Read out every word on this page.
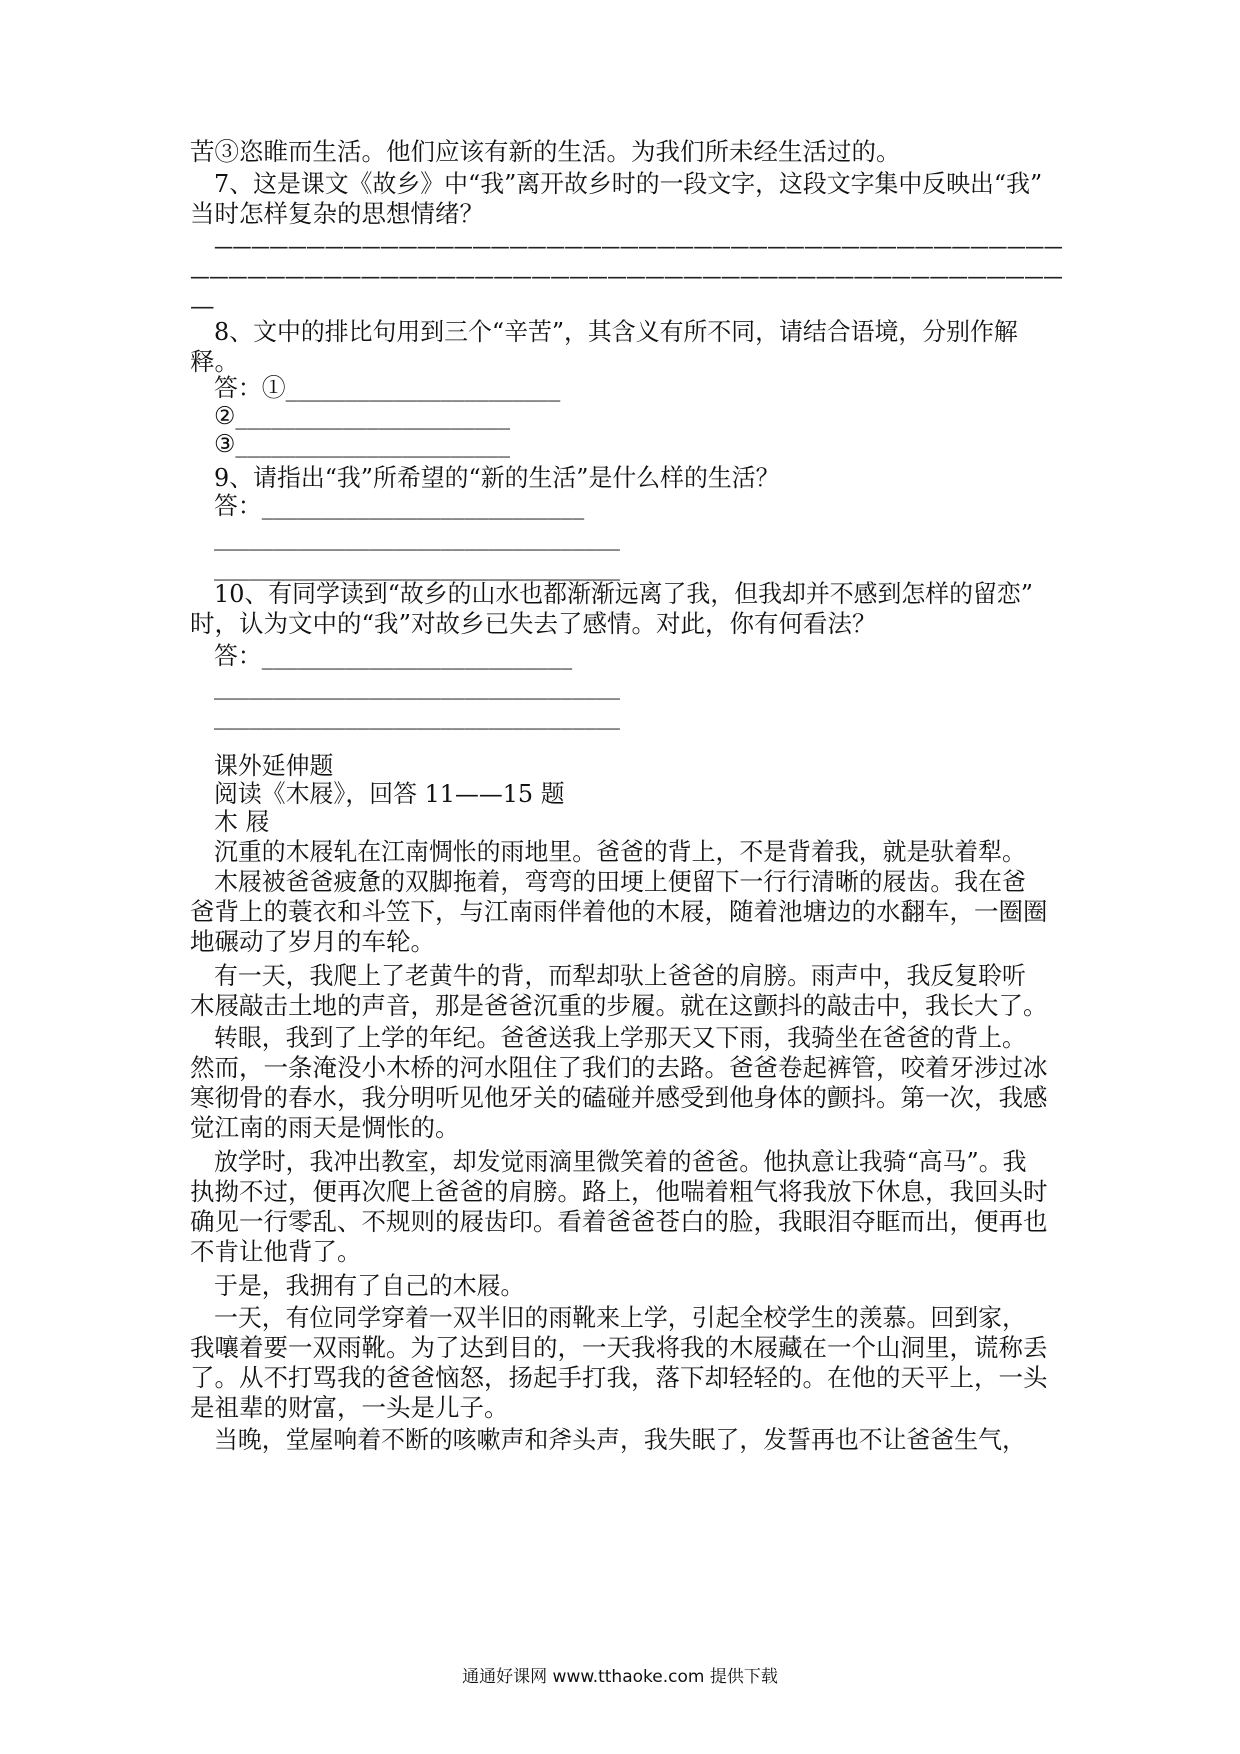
苦③恣睢而生活。他们应该有新的生活。为我们所未经生活过的。

7、这是课文《故乡》中“我”离开故乡时的一段文字，这段文字集中反映出“我”

当时怎样复杂的思想情绪？

——————————————————————————————————————————————

——————————————————————————————————————————————

—

8、文中的排比句用到三个“辛苦”，其含义有所不同，请结合语境，分别作解

释。

答：①_______________________

②_______________________

③_______________________

9、请指出“我”所希望的“新的生活”是什么样的生活？

答：___________________________

__________________________________

__________________________________

10、有同学读到“故乡的山水也都渐渐远离了我，但我却并不感到怎样的留恋”

时，认为文中的“我”对故乡已失去了感情。对此，你有何看法？

答：__________________________

__________________________________

__________________________________

课外延伸题

阅读《木屐》，回答 11——15 题

木 屐

沉重的木屐轧在江南惆怅的雨地里。爸爸的背上，不是背着我，就是驮着犁。

木屐被爸爸疲惫的双脚拖着，弯弯的田埂上便留下一行行清晰的屐齿。我在爸

爸背上的蓑衣和斗笠下，与江南雨伴着他的木屐，随着池塘边的水翻车，一圈圈

地碾动了岁月的车轮。

有一天，我爬上了老黄牛的背，而犁却驮上爸爸的肩膀。雨声中，我反复聆听

木屐敲击土地的声音，那是爸爸沉重的步履。就在这颤抖的敲击中，我长大了。

转眼，我到了上学的年纪。爸爸送我上学那天又下雨，我骑坐在爸爸的背上。

然而，一条淹没小木桥的河水阻住了我们的去路。爸爸卷起裤管，咬着牙涉过冰

寒彻骨的春水，我分明听见他牙关的磕碰并感受到他身体的颤抖。第一次，我感

觉江南的雨天是惆怅的。

放学时，我冲出教室，却发觉雨滴里微笑着的爸爸。他执意让我骑“高马”。我

执拗不过，便再次爬上爸爸的肩膀。路上，他喘着粗气将我放下休息，我回头时

确见一行零乱、不规则的屐齿印。看着爸爸苍白的脸，我眼泪夺眶而出，便再也

不肯让他背了。

于是，我拥有了自己的木屐。

一天，有位同学穿着一双半旧的雨靴来上学，引起全校学生的羡慕。回到家，

我嚷着要一双雨靴。为了达到目的，一天我将我的木屐藏在一个山洞里，谎称丢

了。从不打骂我的爸爸恼怒，扬起手打我，落下却轻轻的。在他的天平上，一头

是祖辈的财富，一头是儿子。

当晚，堂屋响着不断的咳嗽声和斧头声，我失眠了，发誓再也不让爸爸生气，

通通好课网 www.tthaoke.com 提供下载
